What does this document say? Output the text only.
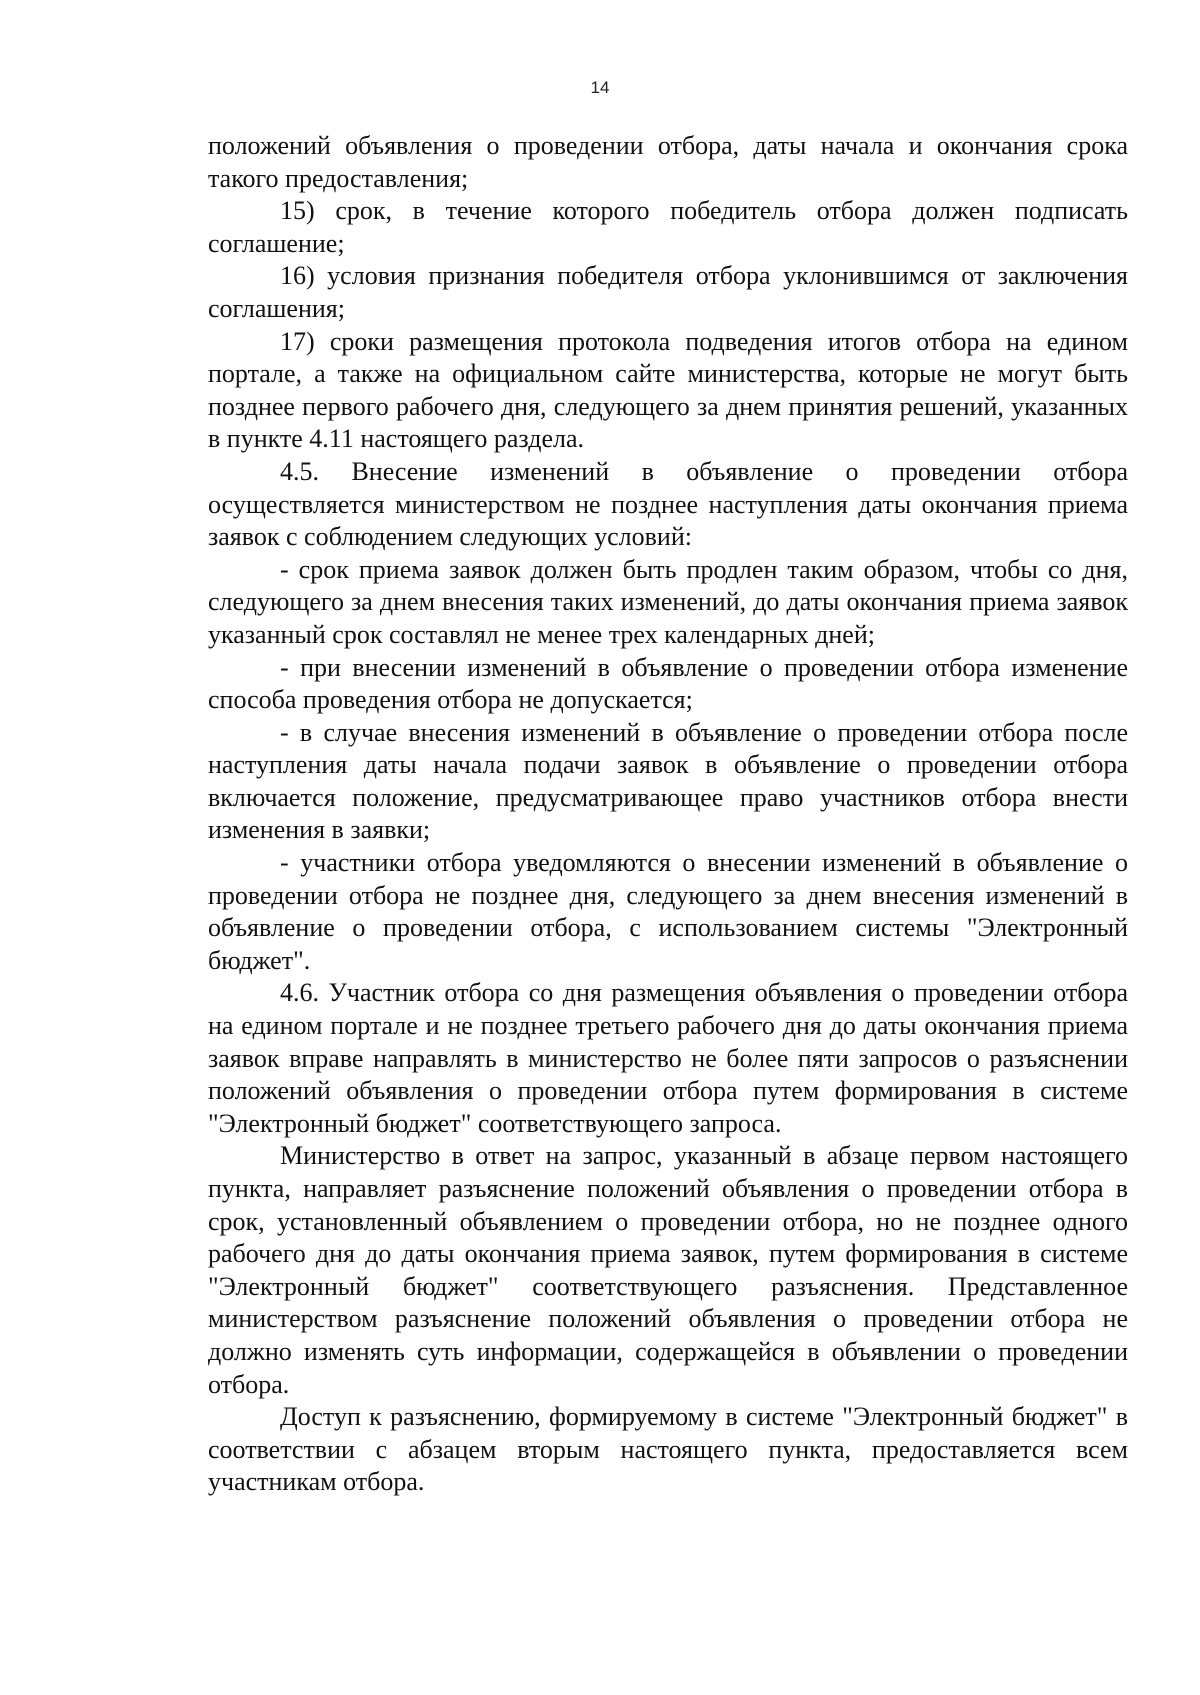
14

положений объявления о проведении отбора, даты начала и окончания срока такого предоставления;

15) срок, в течение которого победитель отбора должен подписать соглашение;

16) условия признания победителя отбора уклонившимся от заключения соглашения;

17) сроки размещения протокола подведения итогов отбора на едином портале, а также на официальном сайте министерства, которые не могут быть позднее первого рабочего дня, следующего за днем принятия решений, указанных в пункте 4.11 настоящего раздела.

4.5. Внесение изменений в объявление о проведении отбора осуществляется министерством не позднее наступления даты окончания приема заявок с соблюдением следующих условий:

- срок приема заявок должен быть продлен таким образом, чтобы со дня, следующего за днем внесения таких изменений, до даты окончания приема заявок указанный срок составлял не менее трех календарных дней;

- при внесении изменений в объявление о проведении отбора изменение способа проведения отбора не допускается;

- в случае внесения изменений в объявление о проведении отбора после наступления даты начала подачи заявок в объявление о проведении отбора включается положение, предусматривающее право участников отбора внести изменения в заявки;

- участники отбора уведомляются о внесении изменений в объявление о проведении отбора не позднее дня, следующего за днем внесения изменений в объявление о проведении отбора, с использованием системы "Электронный бюджет".

4.6. Участник отбора со дня размещения объявления о проведении отбора на едином портале и не позднее третьего рабочего дня до даты окончания приема заявок вправе направлять в министерство не более пяти запросов о разъяснении положений объявления о проведении отбора путем формирования в системе "Электронный бюджет" соответствующего запроса.

Министерство в ответ на запрос, указанный в абзаце первом настоящего пункта, направляет разъяснение положений объявления о проведении отбора в срок, установленный объявлением о проведении отбора, но не позднее одного рабочего дня до даты окончания приема заявок, путем формирования в системе "Электронный бюджет" соответствующего разъяснения. Представленное министерством разъяснение положений объявления о проведении отбора не должно изменять суть информации, содержащейся в объявлении о проведении отбора.

Доступ к разъяснению, формируемому в системе "Электронный бюджет" в соответствии с абзацем вторым настоящего пункта, предоставляется всем участникам отбора.
